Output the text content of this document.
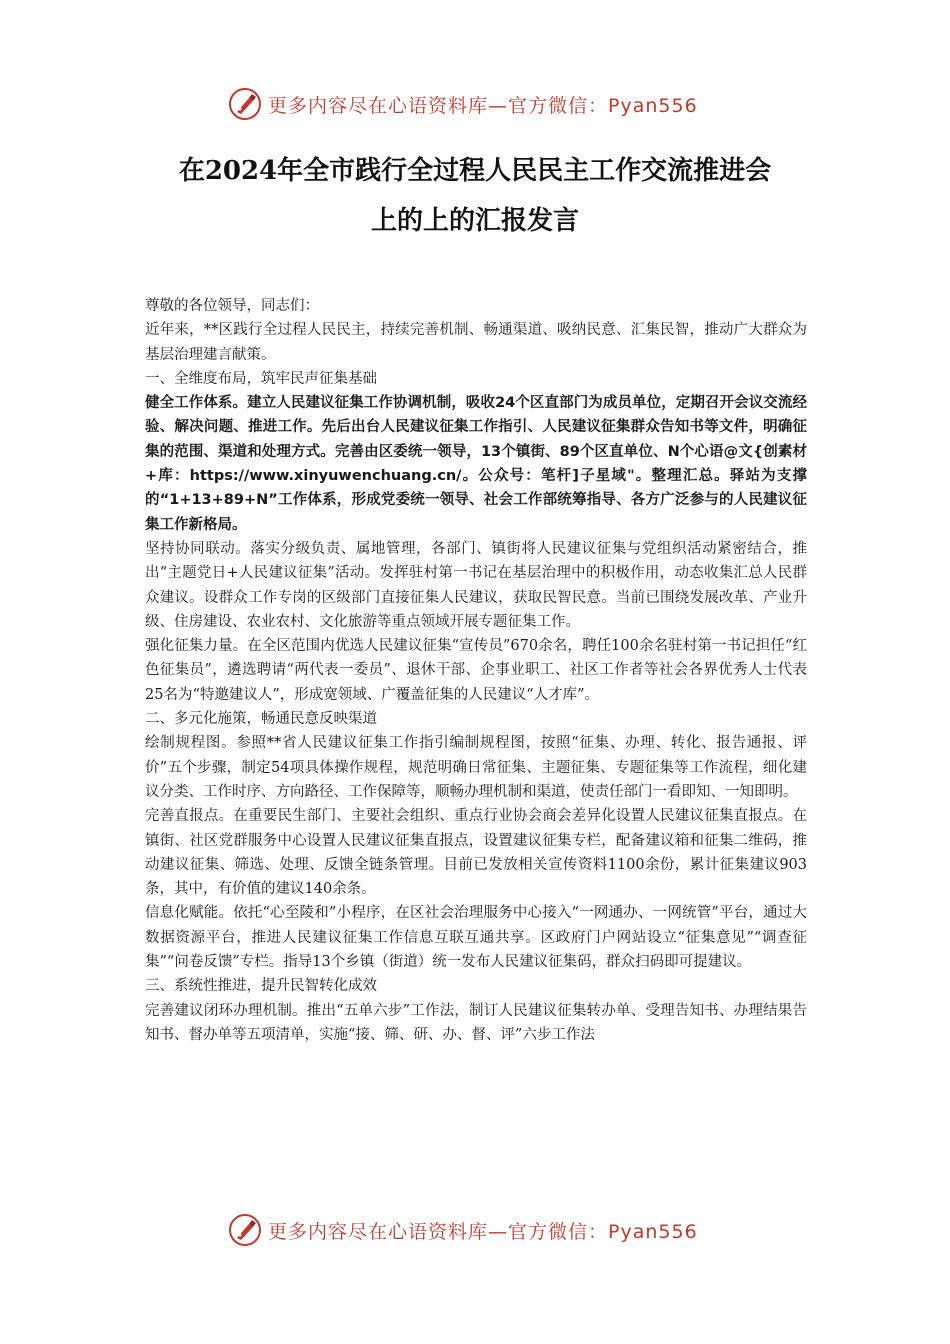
更多内容尽在心语资料库—官方微信：Pyan556
在2024年全市践行全过程人民民主工作交流推进会
上的上的汇报发言

尊敬的各位领导，同志们：

近年来，**区践行全过程人民民主，持续完善机制、畅通渠道、吸纳民意、汇集民智，推动广大群众为基层治理建言献策。

一、全维度布局，筑牢民声征集基础

健全工作体系。建立人民建议征集工作协调机制，吸收24个区直部门为成员单位，定期召开会议交流经验、解决问题、推进工作。先后出台人民建议征集工作指引、人民建议征集群众告知书等文件，明确征集的范围、渠道和处理方式。完善由区委统一领导，13个镇街、89个区直单位、N个心语@文{创素材+库：https://www.xinyuwenchuang.cn/。公众号：笔杆]子星域"。整理汇总。驿站为支撑的“1+13+89+N”工作体系，形成党委统一领导、社会工作部统筹指导、各方广泛参与的人民建议征集工作新格局。

坚持协同联动。落实分级负责、属地管理，各部门、镇街将人民建议征集与党组织活动紧密结合，推出“主题党日+人民建议征集”活动。发挥驻村第一书记在基层治理中的积极作用，动态收集汇总人民群众建议。设群众工作专岗的区级部门直接征集人民建议，获取民智民意。当前已围绕发展改革、产业升级、住房建设、农业农村、文化旅游等重点领域开展专题征集工作。

强化征集力量。在全区范围内优选人民建议征集“宣传员”670余名，聘任100余名驻村第一书记担任“红色征集员”，遴选聘请“两代表一委员”、退休干部、企事业职工、社区工作者等社会各界优秀人士代表25名为“特邀建议人”，形成宽领域、广覆盖征集的人民建议“人才库”。

二、多元化施策，畅通民意反映渠道

绘制规程图。参照**省人民建议征集工作指引编制规程图，按照“征集、办理、转化、报告通报、评价”五个步骤，制定54项具体操作规程，规范明确日常征集、主题征集、专题征集等工作流程，细化建议分类、工作时序、方向路径、工作保障等，顺畅办理机制和渠道，使责任部门一看即知、一知即明。

完善直报点。在重要民生部门、主要社会组织、重点行业协会商会差异化设置人民建议征集直报点。在镇街、社区党群服务中心设置人民建议征集直报点，设置建议征集专栏，配备建议箱和征集二维码，推动建议征集、筛选、处理、反馈全链条管理。目前已发放相关宣传资料1100余份，累计征集建议903条，其中，有价值的建议140余条。

信息化赋能。依托“心至陵和”小程序，在区社会治理服务中心接入“一网通办、一网统管”平台，通过大数据资源平台，推进人民建议征集工作信息互联互通共享。区政府门户网站设立“征集意见”“调查征集”“问卷反馈”专栏。指导13个乡镇（街道）统一发布人民建议征集码，群众扫码即可提建议。

三、系统性推进，提升民智转化成效

完善建议闭环办理机制。推出“五单六步”工作法，制订人民建议征集转办单、受理告知书、办理结果告知书、督办单等五项清单，实施“接、筛、研、办、督、评”六步工作法

更多内容尽在心语资料库—官方微信：Pyan556
